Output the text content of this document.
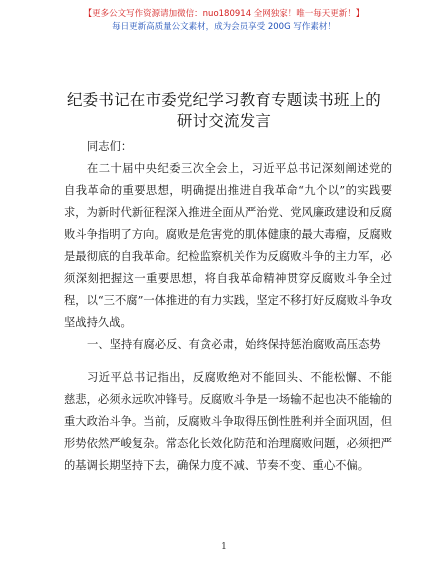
【更多公文写作资源请加微信：nuo180914 全网独家！唯一每天更新！】
每日更新高质量公文素材，成为会员享受 200G 写作素材！
纪委书记在市委党纪学习教育专题读书班上的
研讨交流发言

同志们：

在二十届中央纪委三次全会上，习近平总书记深刻阐述党的自我革命的重要思想，明确提出推进自我革命“九个以”的实践要求，为新时代新征程深入推进全面从严治党、党风廉政建设和反腐败斗争指明了方向。腐败是危害党的肌体健康的最大毒瘤，反腐败是最彻底的自我革命。纪检监察机关作为反腐败斗争的主力军，必须深刻把握这一重要思想，将自我革命精神贯穿反腐败斗争全过程，以“三不腐”一体推进的有力实践，坚定不移打好反腐败斗争攻坚战持久战。

一、坚持有腐必反、有贪必肃，始终保持惩治腐败高压态势

习近平总书记指出，反腐败绝对不能回头、不能松懈、不能慈悲，必须永远吹冲锋号。反腐败斗争是一场输不起也决不能输的重大政治斗争。当前，反腐败斗争取得压倒性胜利并全面巩固，但形势依然严峻复杂。常态化长效化防范和治理腐败问题，必须把严的基调长期坚持下去，确保力度不减、节奏不变、重心不偏。

1
